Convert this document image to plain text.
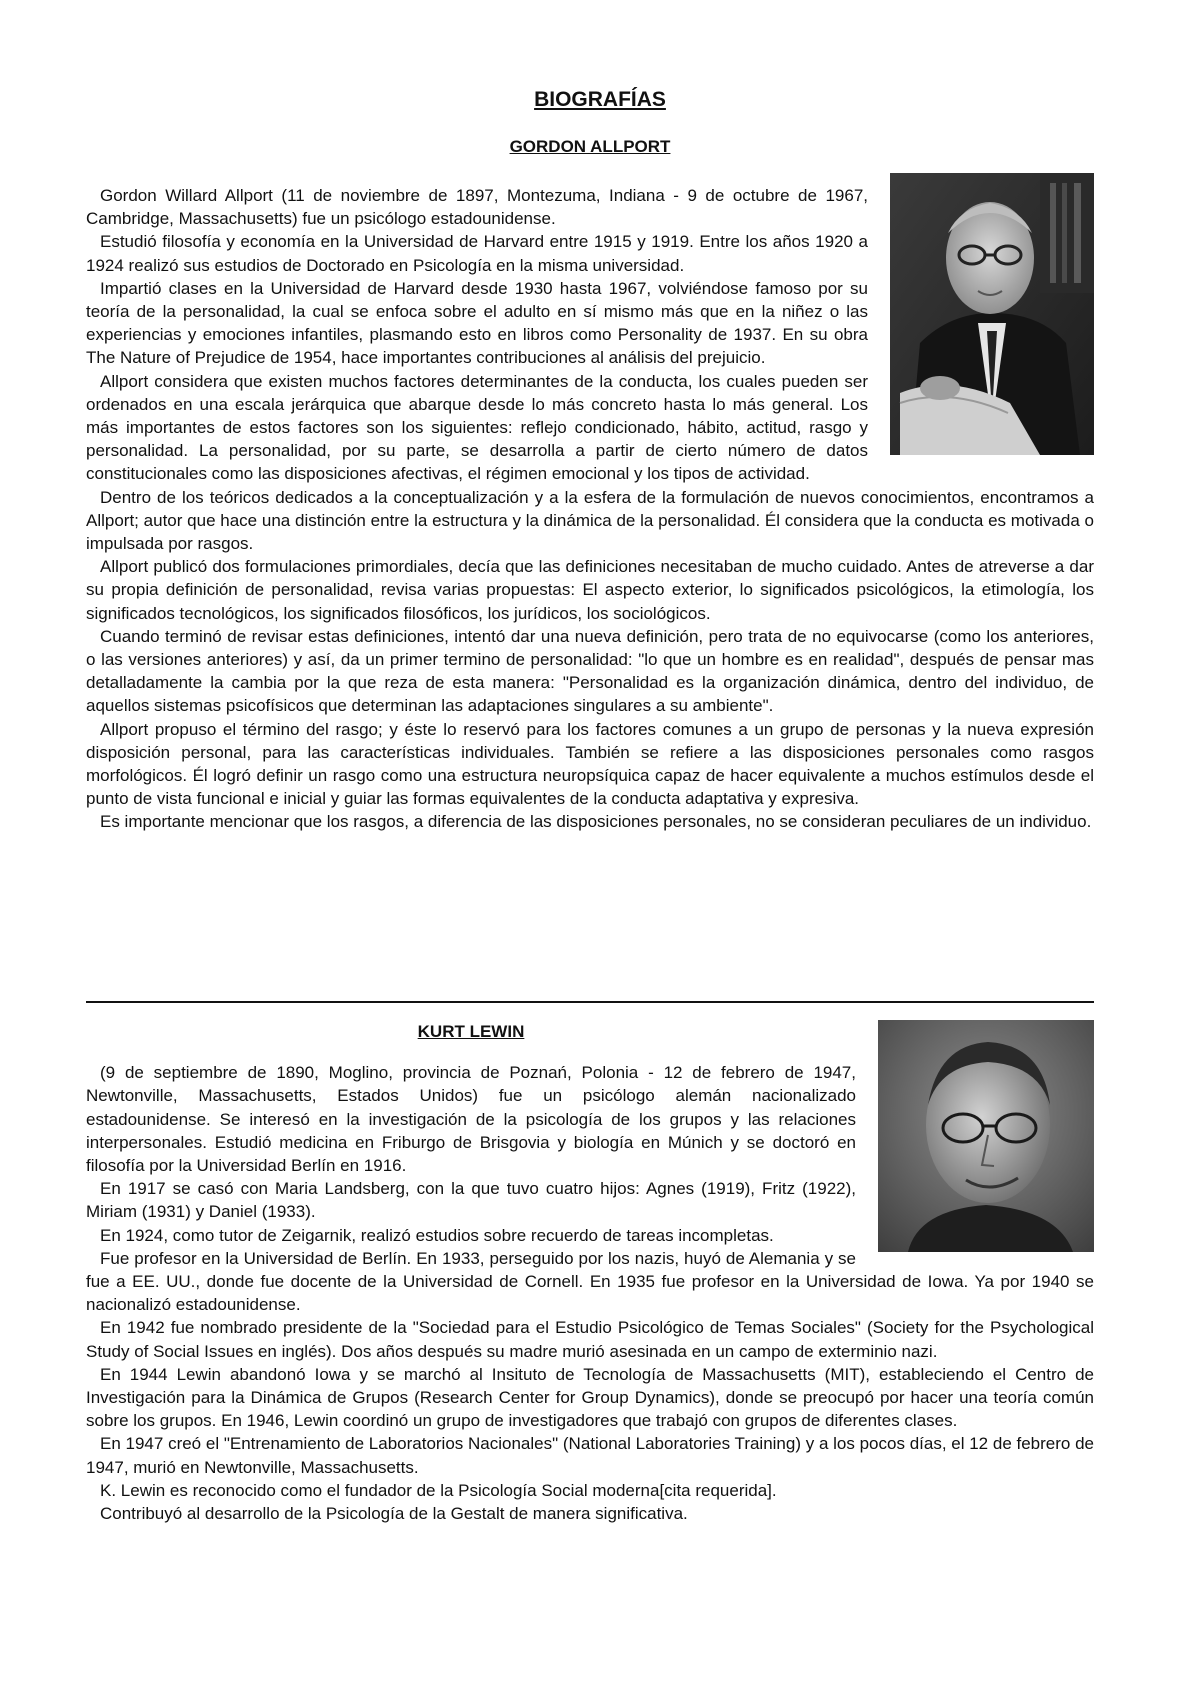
BIOGRAFÍAS
GORDON ALLPORT

Gordon Willard Allport (11 de noviembre de 1897, Montezuma, Indiana - 9 de octubre de 1967, Cambridge, Massachusetts) fue un psicólogo estadounidense.

Estudió filosofía y economía en la Universidad de Harvard entre 1915 y 1919. Entre los años 1920 a 1924 realizó sus estudios de Doctorado en Psicología en la misma universidad.

Impartió clases en la Universidad de Harvard desde 1930 hasta 1967, volviéndose famoso por su teoría de la personalidad, la cual se enfoca sobre el adulto en sí mismo más que en la niñez o las experiencias y emociones infantiles, plasmando esto en libros como Personality de 1937. En su obra The Nature of Prejudice de 1954, hace importantes contribuciones al análisis del prejuicio.

Allport considera que existen muchos factores determinantes de la conducta, los cuales pueden ser ordenados en una escala jerárquica que abarque desde lo más concreto hasta lo más general. Los más importantes de estos factores son los siguientes: reflejo condicionado, hábito, actitud, rasgo y personalidad. La personalidad, por su parte, se desarrolla a partir de cierto número de datos constitucionales como las disposiciones afectivas, el régimen emocional y los tipos de actividad.

Dentro de los teóricos dedicados a la conceptualización y a la esfera de la formulación de nuevos conocimientos, encontramos a Allport; autor que hace una distinción entre la estructura y la dinámica de la personalidad. Él considera que la conducta es motivada o impulsada por rasgos.

Allport publicó dos formulaciones primordiales, decía que las definiciones necesitaban de mucho cuidado. Antes de atreverse a dar su propia definición de personalidad, revisa varias propuestas: El aspecto exterior, lo significados psicológicos, la etimología, los significados tecnológicos, los significados filosóficos, los jurídicos, los sociológicos.

Cuando terminó de revisar estas definiciones, intentó dar una nueva definición, pero trata de no equivocarse (como los anteriores, o las versiones anteriores) y así, da un primer termino de personalidad: "lo que un hombre es en realidad", después de pensar mas detalladamente la cambia por la que reza de esta manera: "Personalidad es la organización dinámica, dentro del individuo, de aquellos sistemas psicofísicos que determinan las adaptaciones singulares a su ambiente".

Allport propuso el término del rasgo; y éste lo reservó para los factores comunes a un grupo de personas y la nueva expresión disposición personal, para las características individuales. También se refiere a las disposiciones personales como rasgos morfológicos. Él logró definir un rasgo como una estructura neuropsíquica capaz de hacer equivalente a muchos estímulos desde el punto de vista funcional e inicial y guiar las formas equivalentes de la conducta adaptativa y expresiva.

Es importante mencionar que los rasgos, a diferencia de las disposiciones personales, no se consideran peculiares de un individuo.

KURT LEWIN

(9 de septiembre de 1890, Moglino, provincia de Poznań, Polonia - 12 de febrero de 1947, Newtonville, Massachusetts, Estados Unidos) fue un psicólogo alemán nacionalizado estadounidense. Se interesó en la investigación de la psicología de los grupos y las relaciones interpersonales. Estudió medicina en Friburgo de Brisgovia y biología en Múnich y se doctoró en filosofía por la Universidad Berlín en 1916.

En 1917 se casó con Maria Landsberg, con la que tuvo cuatro hijos: Agnes (1919), Fritz (1922), Miriam (1931) y Daniel (1933).

En 1924, como tutor de Zeigarnik, realizó estudios sobre recuerdo de tareas incompletas.

Fue profesor en la Universidad de Berlín. En 1933, perseguido por los nazis, huyó de Alemania y se fue a EE. UU., donde fue docente de la Universidad de Cornell. En 1935 fue profesor en la Universidad de Iowa. Ya por 1940 se nacionalizó estadounidense.

En 1942 fue nombrado presidente de la "Sociedad para el Estudio Psicológico de Temas Sociales" (Society for the Psychological Study of Social Issues en inglés). Dos años después su madre murió asesinada en un campo de exterminio nazi.

En 1944 Lewin abandonó Iowa y se marchó al Insituto de Tecnología de Massachusetts (MIT), estableciendo el Centro de Investigación para la Dinámica de Grupos (Research Center for Group Dynamics), donde se preocupó por hacer una teoría común sobre los grupos. En 1946, Lewin coordinó un grupo de investigadores que trabajó con grupos de diferentes clases.

En 1947 creó el "Entrenamiento de Laboratorios Nacionales" (National Laboratories Training) y a los pocos días, el 12 de febrero de 1947, murió en Newtonville, Massachusetts.

K. Lewin es reconocido como el fundador de la Psicología Social moderna[cita requerida].

Contribuyó al desarrollo de la Psicología de la Gestalt de manera significativa.
